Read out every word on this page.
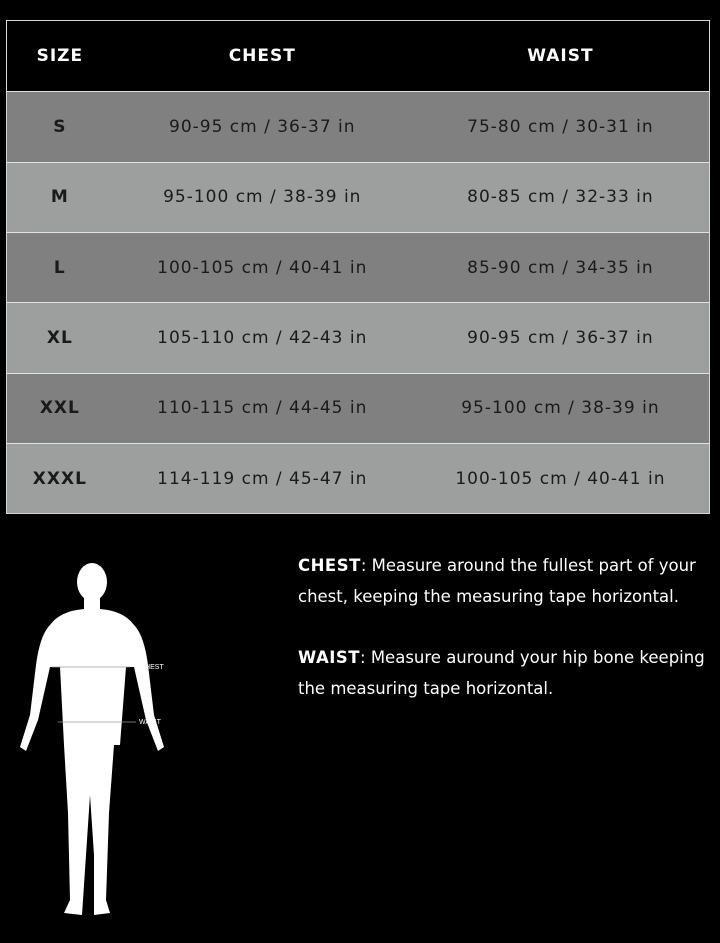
SIZE	CHEST	WAIST
S	90-95 cm / 36-37 in	75-80 cm / 30-31 in
M	95-100 cm / 38-39 in	80-85 cm / 32-33 in
L	100-105 cm / 40-41 in	85-90 cm / 34-35 in
XL	105-110 cm / 42-43 in	90-95 cm / 36-37 in
XXL	110-115 cm / 44-45 in	95-100 cm / 38-39 in
XXXL	114-119 cm / 45-47 in	100-105 cm / 40-41 in
CHEST
WAIST

CHEST: Measure around the fullest part of your chest, keeping the measuring tape horizontal.

WAIST: Measure auround your hip bone keeping the measuring tape horizontal.
